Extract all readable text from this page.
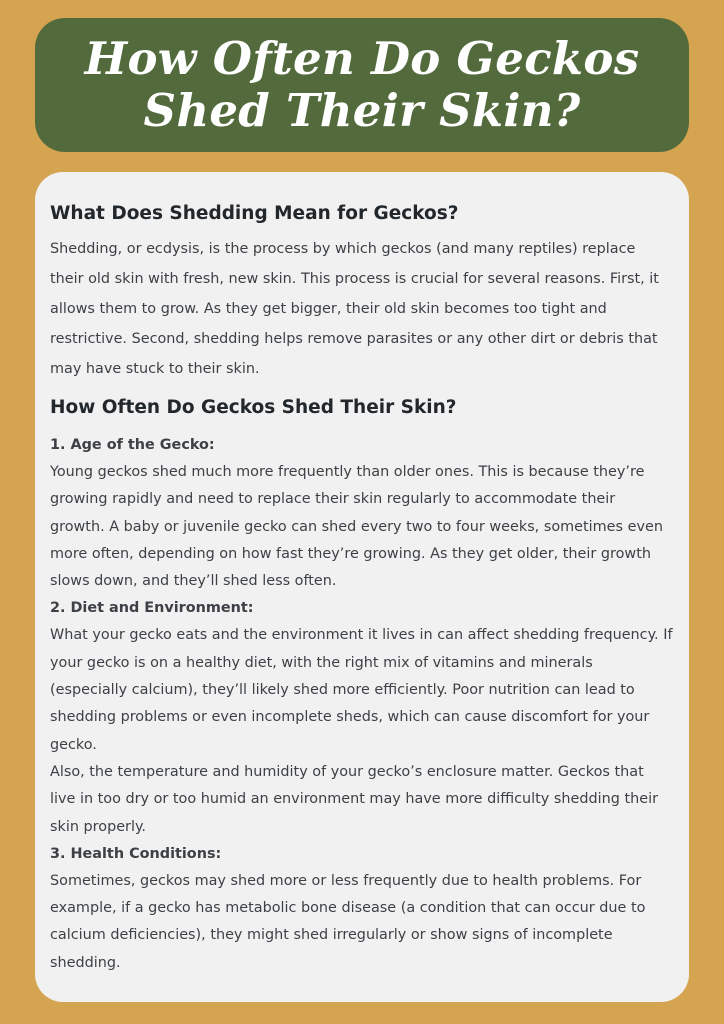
How Often Do Geckos
Shed Their Skin?
What Does Shedding Mean for Geckos?

Shedding, or ecdysis, is the process by which geckos (and many reptiles) replace their old skin with fresh, new skin. This process is crucial for several reasons. First, it allows them to grow. As they get bigger, their old skin becomes too tight and restrictive. Second, shedding helps remove parasites or any other dirt or debris that may have stuck to their skin.

How Often Do Geckos Shed Their Skin?
1. Age of the Gecko:

Young geckos shed much more frequently than older ones. This is because they’re growing rapidly and need to replace their skin regularly to accommodate their growth. A baby or juvenile gecko can shed every two to four weeks, sometimes even more often, depending on how fast they’re growing. As they get older, their growth slows down, and they’ll shed less often.

2. Diet and Environment:

What your gecko eats and the environment it lives in can affect shedding frequency. If your gecko is on a healthy diet, with the right mix of vitamins and minerals (especially calcium), they’ll likely shed more efficiently. Poor nutrition can lead to shedding problems or even incomplete sheds, which can cause discomfort for your gecko.

Also, the temperature and humidity of your gecko’s enclosure matter. Geckos that live in too dry or too humid an environment may have more difficulty shedding their skin properly.

3. Health Conditions:

Sometimes, geckos may shed more or less frequently due to health problems. For example, if a gecko has metabolic bone disease (a condition that can occur due to calcium deficiencies), they might shed irregularly or show signs of incomplete shedding.
